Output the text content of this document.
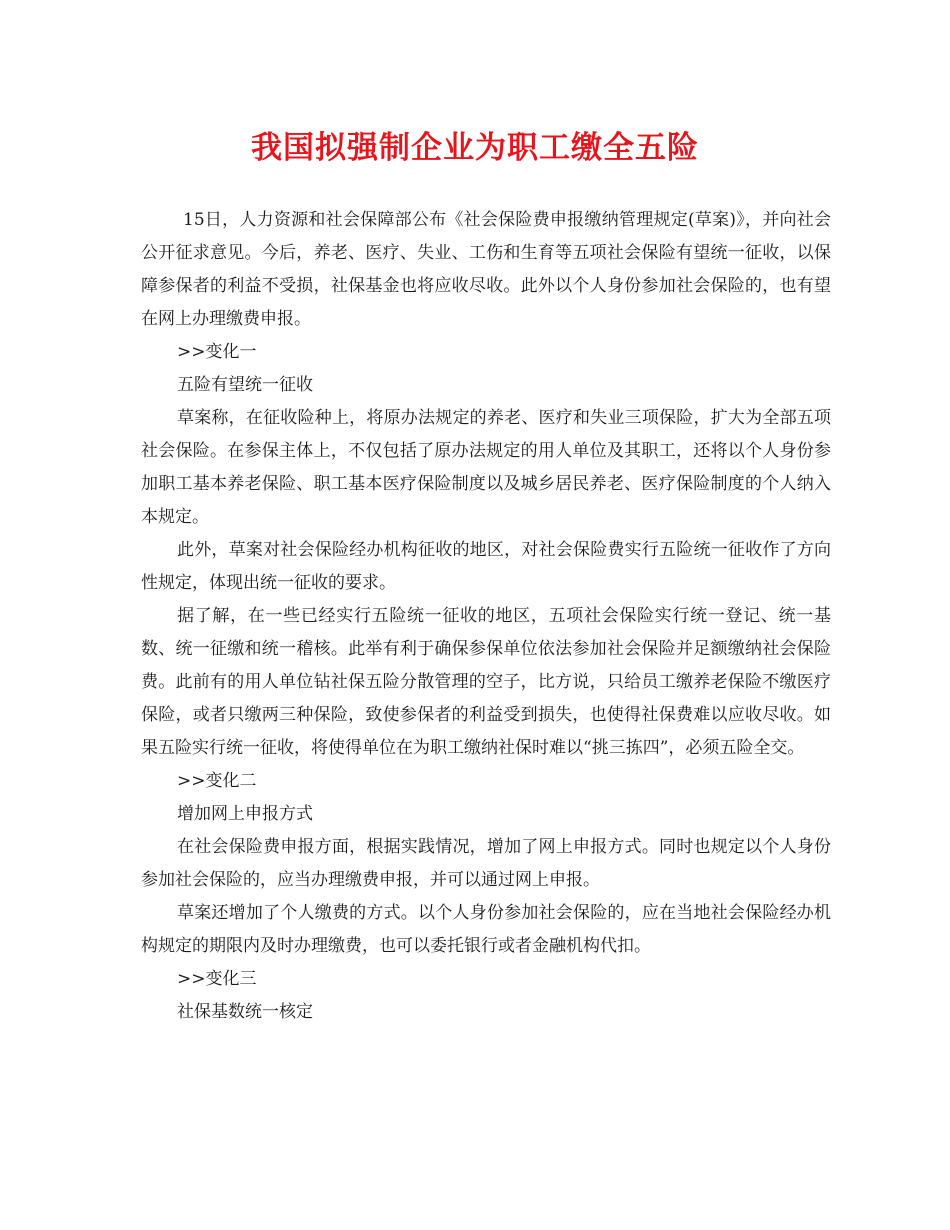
我国拟强制企业为职工缴全五险

15日，人力资源和社会保障部公布《社会保险费申报缴纳管理规定(草案)》，并向社会公开征求意见。今后，养老、医疗、失业、工伤和生育等五项社会保险有望统一征收，以保障参保者的利益不受损，社保基金也将应收尽收。此外以个人身份参加社会保险的，也有望在网上办理缴费申报。

>>变化一

五险有望统一征收

草案称，在征收险种上，将原办法规定的养老、医疗和失业三项保险，扩大为全部五项社会保险。在参保主体上，不仅包括了原办法规定的用人单位及其职工，还将以个人身份参加职工基本养老保险、职工基本医疗保险制度以及城乡居民养老、医疗保险制度的个人纳入本规定。

此外，草案对社会保险经办机构征收的地区，对社会保险费实行五险统一征收作了方向性规定，体现出统一征收的要求。

据了解，在一些已经实行五险统一征收的地区，五项社会保险实行统一登记、统一基数、统一征缴和统一稽核。此举有利于确保参保单位依法参加社会保险并足额缴纳社会保险费。此前有的用人单位钻社保五险分散管理的空子，比方说，只给员工缴养老保险不缴医疗保险，或者只缴两三种保险，致使参保者的利益受到损失，也使得社保费难以应收尽收。如果五险实行统一征收，将使得单位在为职工缴纳社保时难以“挑三拣四”，必须五险全交。

>>变化二

增加网上申报方式

在社会保险费申报方面，根据实践情况，增加了网上申报方式。同时也规定以个人身份参加社会保险的，应当办理缴费申报，并可以通过网上申报。

草案还增加了个人缴费的方式。以个人身份参加社会保险的，应在当地社会保险经办机构规定的期限内及时办理缴费，也可以委托银行或者金融机构代扣。

>>变化三

社保基数统一核定
